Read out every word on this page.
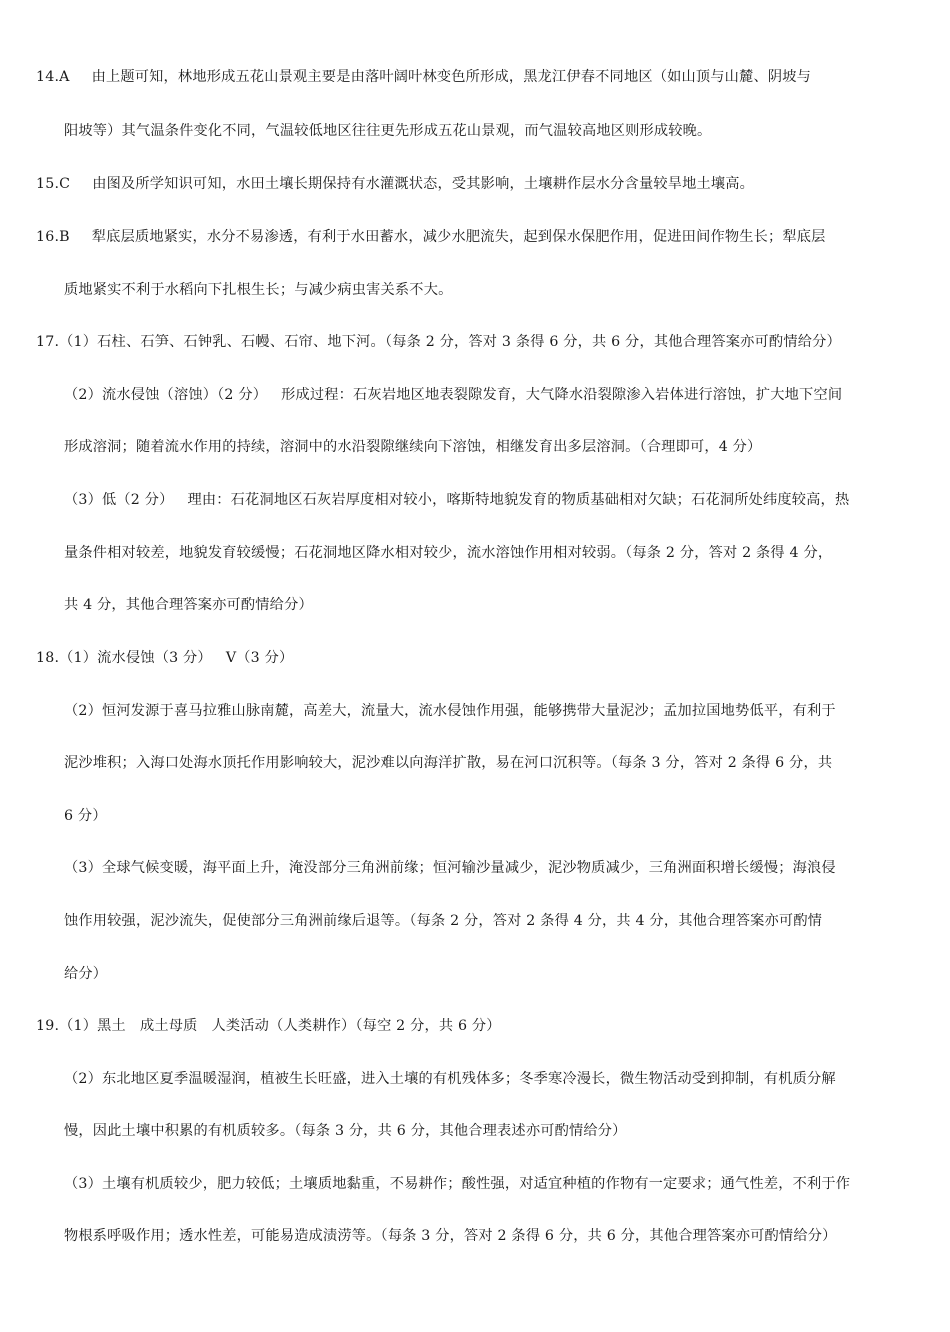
14.A 由上题可知，林地形成五花山景观主要是由落叶阔叶林变色所形成，黑龙江伊春不同地区（如山顶与山麓、阴坡与
阳坡等）其气温条件变化不同，气温较低地区往往更先形成五花山景观，而气温较高地区则形成较晚。
15.C 由图及所学知识可知，水田土壤长期保持有水灌溉状态，受其影响，土壤耕作层水分含量较旱地土壤高。
16.B 犁底层质地紧实，水分不易渗透，有利于水田蓄水，减少水肥流失，起到保水保肥作用，促进田间作物生长；犁底层
质地紧实不利于水稻向下扎根生长；与减少病虫害关系不大。
17.（1）石柱、石笋、石钟乳、石幔、石帘、地下河。（每条 2 分，答对 3 条得 6 分，共 6 分，其他合理答案亦可酌情给分）
（2）流水侵蚀（溶蚀）（2 分） 形成过程：石灰岩地区地表裂隙发育，大气降水沿裂隙渗入岩体进行溶蚀，扩大地下空间
形成溶洞；随着流水作用的持续，溶洞中的水沿裂隙继续向下溶蚀，相继发育出多层溶洞。（合理即可，4 分）
（3）低（2 分） 理由：石花洞地区石灰岩厚度相对较小，喀斯特地貌发育的物质基础相对欠缺；石花洞所处纬度较高，热
量条件相对较差，地貌发育较缓慢；石花洞地区降水相对较少，流水溶蚀作用相对较弱。（每条 2 分，答对 2 条得 4 分，
共 4 分，其他合理答案亦可酌情给分）
18.（1）流水侵蚀（3 分） V（3 分）
（2）恒河发源于喜马拉雅山脉南麓，高差大，流量大，流水侵蚀作用强，能够携带大量泥沙；孟加拉国地势低平，有利于
泥沙堆积；入海口处海水顶托作用影响较大，泥沙难以向海洋扩散，易在河口沉积等。（每条 3 分，答对 2 条得 6 分，共
6 分）
（3）全球气候变暖，海平面上升，淹没部分三角洲前缘；恒河输沙量减少，泥沙物质减少，三角洲面积增长缓慢；海浪侵
蚀作用较强，泥沙流失，促使部分三角洲前缘后退等。（每条 2 分，答对 2 条得 4 分，共 4 分，其他合理答案亦可酌情
给分）
19.（1）黑土 成土母质 人类活动（人类耕作）（每空 2 分，共 6 分）
（2）东北地区夏季温暖湿润，植被生长旺盛，进入土壤的有机残体多；冬季寒冷漫长，微生物活动受到抑制，有机质分解
慢，因此土壤中积累的有机质较多。（每条 3 分，共 6 分，其他合理表述亦可酌情给分）
（3）土壤有机质较少，肥力较低；土壤质地黏重，不易耕作；酸性强，对适宜种植的作物有一定要求；通气性差，不利于作
物根系呼吸作用；透水性差，可能易造成渍涝等。（每条 3 分，答对 2 条得 6 分，共 6 分，其他合理答案亦可酌情给分）
